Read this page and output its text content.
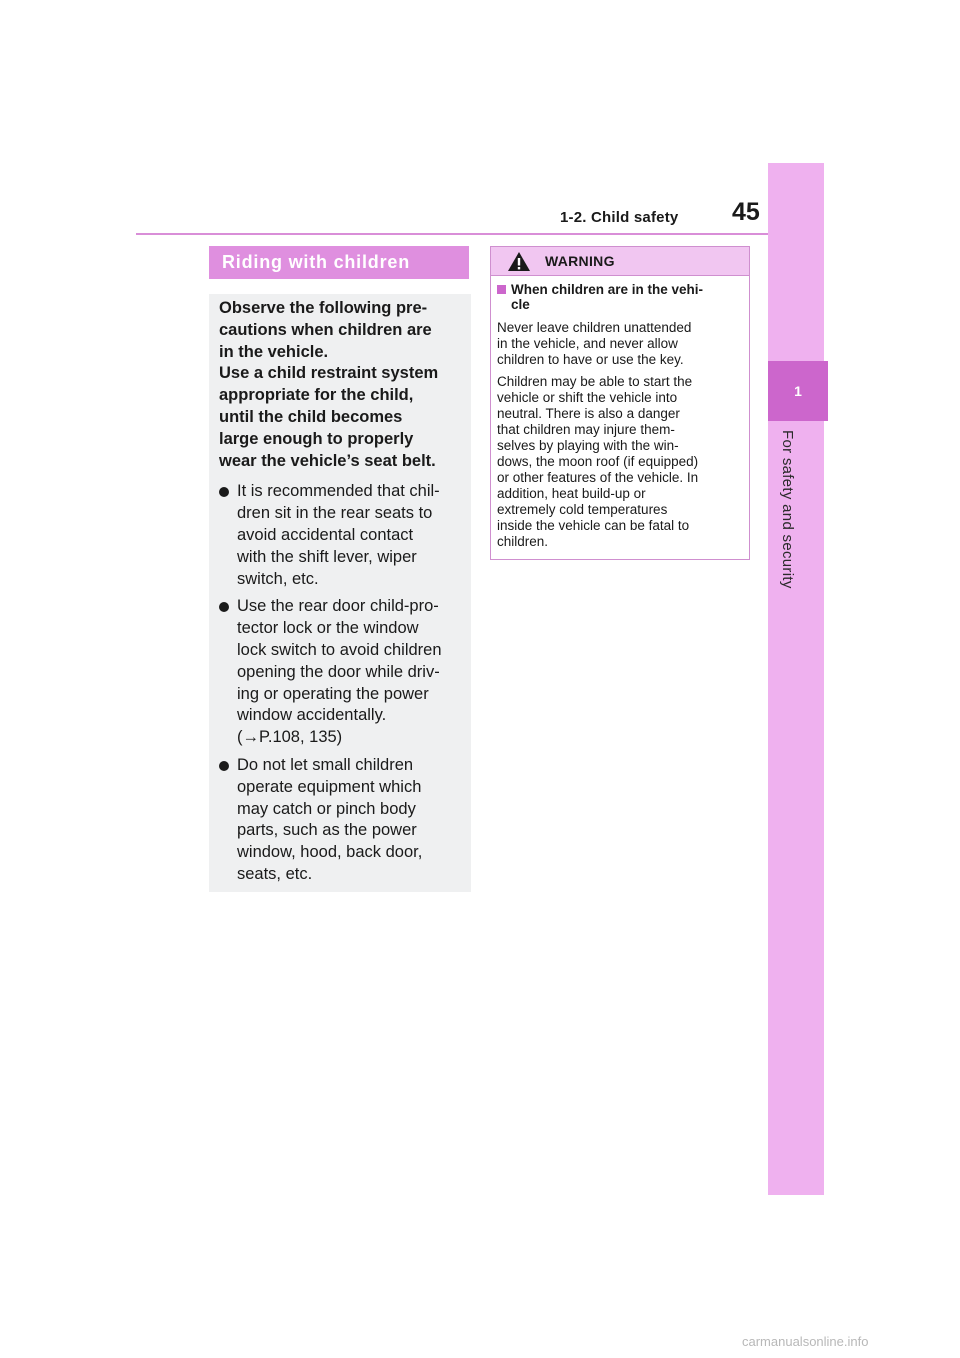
1-2. Child safety 45
1
For safety and security
Riding with children

Observe the following pre-
cautions when children are
in the vehicle.
Use a child restraint system
appropriate for the child,
until the child becomes
large enough to properly
wear the vehicle’s seat belt.

It is recommended that chil-
dren sit in the rear seats to
avoid accidental contact
with the shift lever, wiper
switch, etc.
Use the rear door child-pro-
tector lock or the window
lock switch to avoid children
opening the door while driv-
ing or operating the power
window accidentally.
(→P.108, 135)
Do not let small children
operate equipment which
may catch or pinch body
parts, such as the power
window, hood, back door,
seats, etc.
WARNING
When children are in the vehi-
cle

Never leave children unattended
in the vehicle, and never allow
children to have or use the key.

Children may be able to start the
vehicle or shift the vehicle into
neutral. There is also a danger
that children may injure them-
selves by playing with the win-
dows, the moon roof (if equipped)
or other features of the vehicle. In
addition, heat build-up or
extremely cold temperatures
inside the vehicle can be fatal to
children.

carmanualsonline.info
